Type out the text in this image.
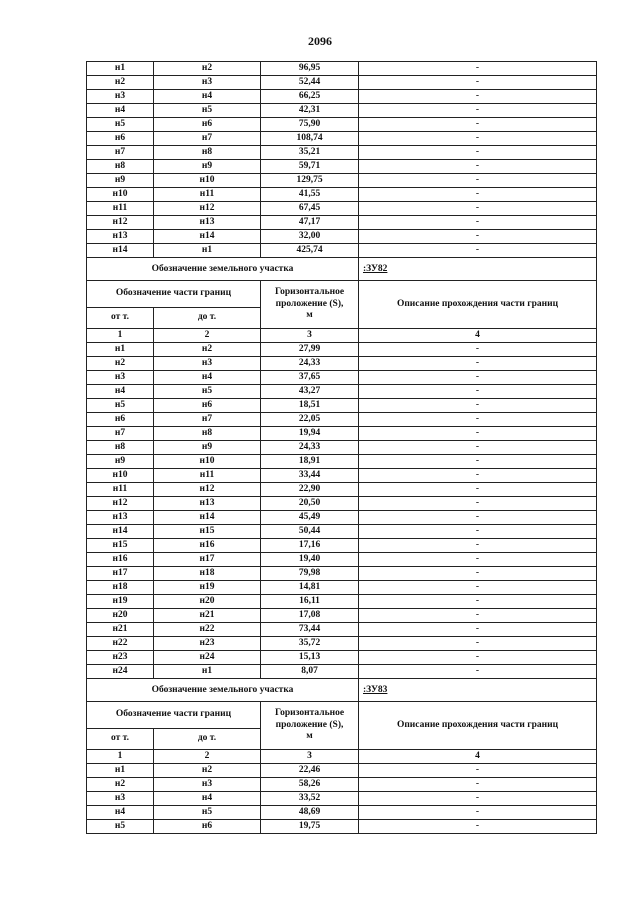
2096
н1	н2	96,95	-
н2	н3	52,44	-
н3	н4	66,25	-
н4	н5	42,31	-
н5	н6	75,90	-
н6	н7	108,74	-
н7	н8	35,21	-
н8	н9	59,71	-
н9	н10	129,75	-
н10	н11	41,55	-
н11	н12	67,45	-
н12	н13	47,17	-
н13	н14	32,00	-
н14	н1	425,74	-
Обозначение земельного участка			:ЗУ82
Обозначение части границ		Горизонтальное
проложение (S),
м	Описание прохождения части границ
от т.	до т.		
1	2	3	4
н1	н2	27,99	-
н2	н3	24,33	-
н3	н4	37,65	-
н4	н5	43,27	-
н5	н6	18,51	-
н6	н7	22,05	-
н7	н8	19,94	-
н8	н9	24,33	-
н9	н10	18,91	-
н10	н11	33,44	-
н11	н12	22,90	-
н12	н13	20,50	-
н13	н14	45,49	-
н14	н15	50,44	-
н15	н16	17,16	-
н16	н17	19,40	-
н17	н18	79,98	-
н18	н19	14,81	-
н19	н20	16,11	-
н20	н21	17,08	-
н21	н22	73,44	-
н22	н23	35,72	-
н23	н24	15,13	-
н24	н1	8,07	-
Обозначение земельного участка			:ЗУ83
Обозначение части границ		Горизонтальное
проложение (S),
м	Описание прохождения части границ
от т.	до т.		
1	2	3	4
н1	н2	22,46	-
н2	н3	58,26	-
н3	н4	33,52	-
н4	н5	48,69	-
н5	н6	19,75	-
